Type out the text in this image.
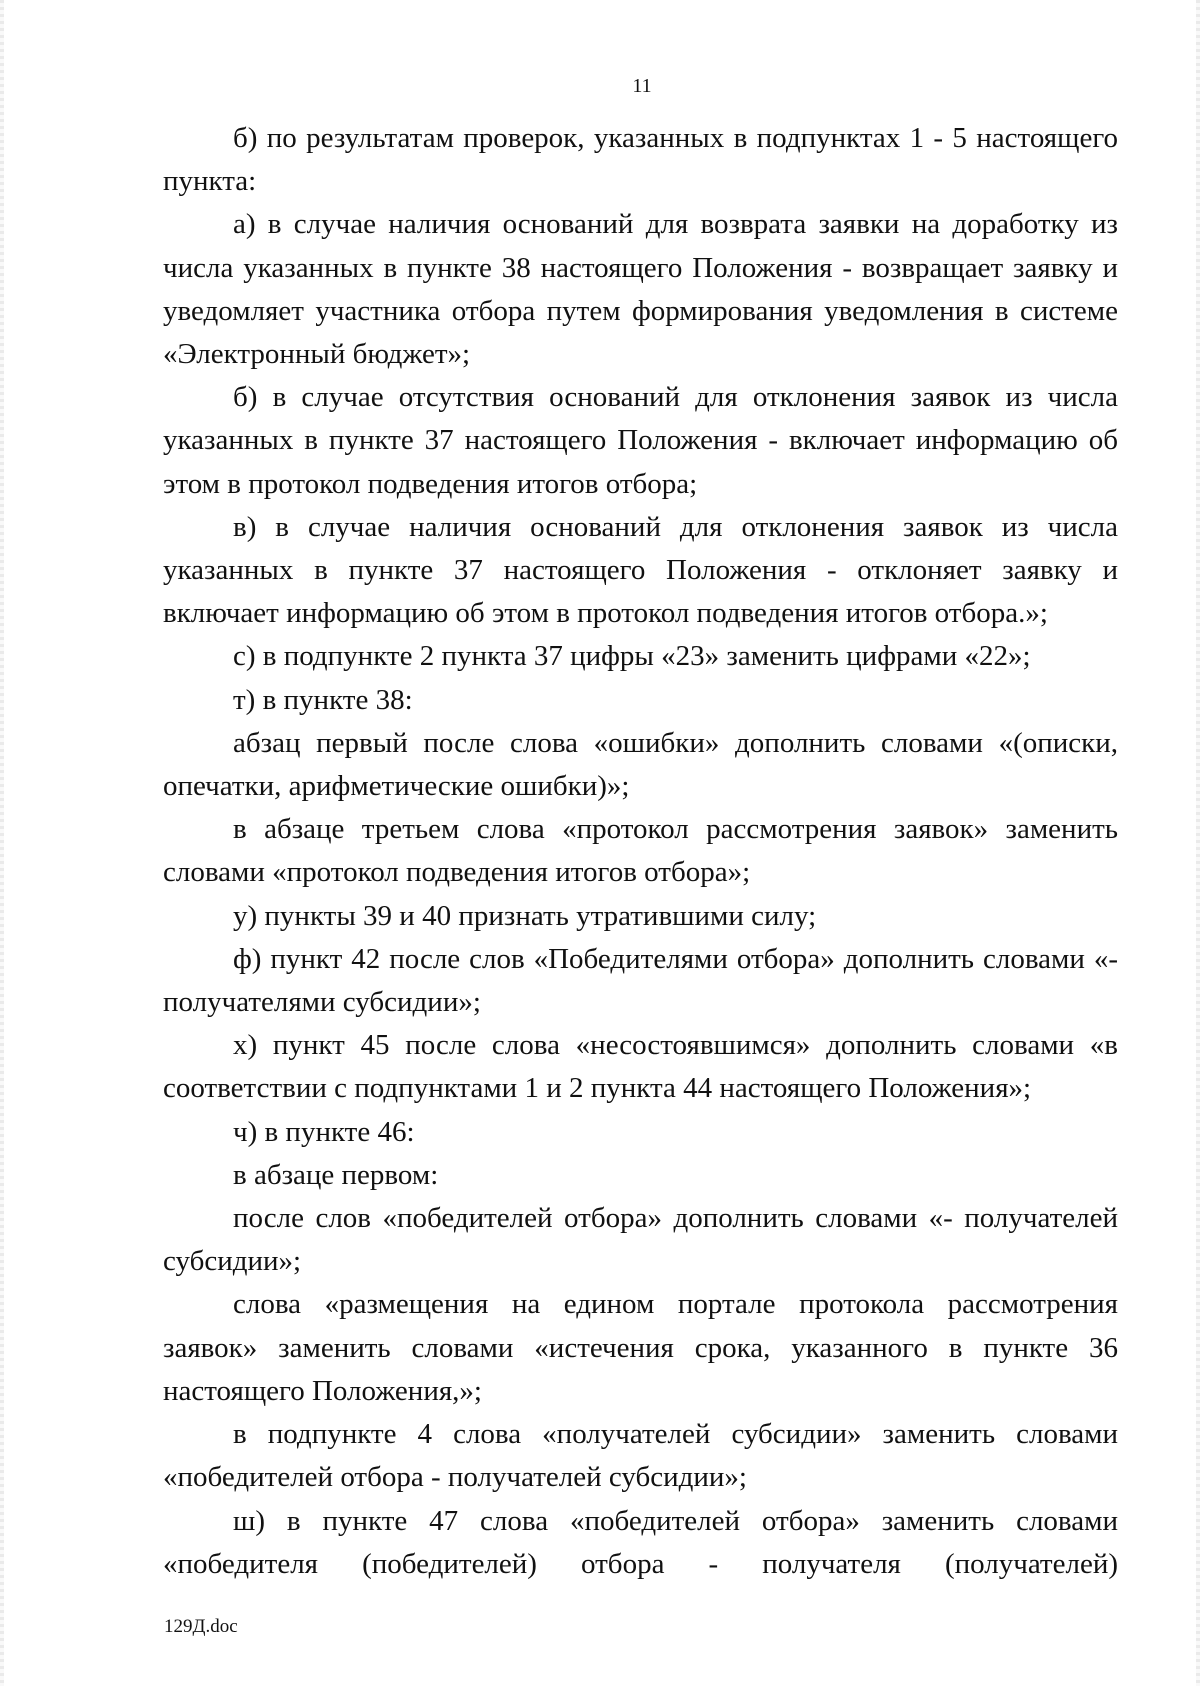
11

б) по результатам проверок, указанных в подпунктах 1 - 5 настоящего пункта:

а) в случае наличия оснований для возврата заявки на доработку из числа указанных в пункте 38 настоящего Положения - возвращает заявку и уведомляет участника отбора путем формирования уведомления в системе «Электронный бюджет»;

б) в случае отсутствия оснований для отклонения заявок из числа указанных в пункте 37 настоящего Положения - включает информацию об этом в протокол подведения итогов отбора;

в) в случае наличия оснований для отклонения заявок из числа указанных в пункте 37 настоящего Положения - отклоняет заявку и включает информацию об этом в протокол подведения итогов отбора.»;

с) в подпункте 2 пункта 37 цифры «23» заменить цифрами «22»;

т) в пункте 38:

абзац первый после слова «ошибки» дополнить словами «(описки, опечатки, арифметические ошибки)»;

в абзаце третьем слова «протокол рассмотрения заявок» заменить словами «протокол подведения итогов отбора»;

у) пункты 39 и 40 признать утратившими силу;

ф) пункт 42 после слов «Победителями отбора» дополнить словами «- получателями субсидии»;

х) пункт 45 после слова «несостоявшимся» дополнить словами «в соответствии с подпунктами 1 и 2 пункта 44 настоящего Положения»;

ч) в пункте 46:

в абзаце первом:

после слов «победителей отбора» дополнить словами «- получателей субсидии»;

слова «размещения на едином портале протокола рассмотрения заявок» заменить словами «истечения срока, указанного в пункте 36 настоящего Положения,»;

в подпункте 4 слова «получателей субсидии» заменить словами «победителей отбора - получателей субсидии»;

ш) в пункте 47 слова «победителей отбора» заменить словами «победителя (победителей) отбора - получателя (получателей)

129Д.doc
